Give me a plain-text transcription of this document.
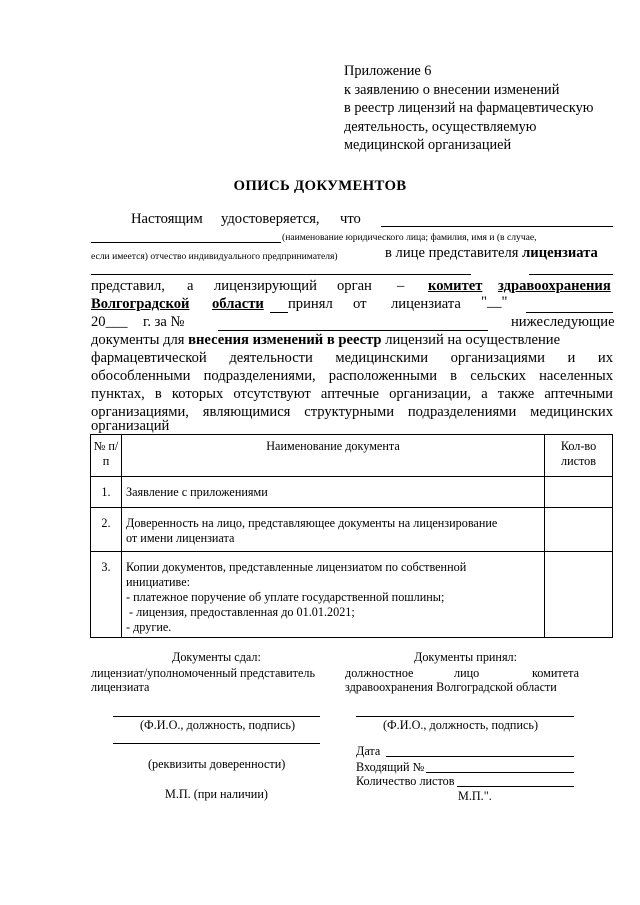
Приложение 6
к заявлению о внесении изменений
в реестр лицензий на фармацевтическую
деятельность, осуществляемую
медицинской организацией
ОПИСЬ ДОКУМЕНТОВ
Настоящим удостоверяется, что
(наименование юридического лица; фамилия, имя и (в случае,
если имеется) отчество индивидуального предпринимателя)	в лице представителя лицензиата
представил, а лицензирующий орган – комитет здравоохранения
Волгоградской области принял от лицензиата "__"
20___ г. за №	нижеследующие
документы для внесения изменений в реестр лицензий на осуществление
фармацевтической деятельности медицинскими организациями и их
обособленными подразделениями, расположенными в сельских населенных
пунктах, в которых отсутствуют аптечные организации, а также аптечными
организациями, являющимися структурными подразделениями медицинских
организаций
№ п/п	Наименование документа	Кол-во листов
1.	Заявление с приложениями	

2.	Доверенность на лицо, представляющее документы на лицензирование
от имени лицензиата	

3.	Копии документов, представленные лицензиатом по собственной
инициативе:
- платежное поручение об уплате государственной пошлины;
- лицензия, предоставленная до 01.01.2021;
- другие.	

Документы сдал:
лицензиат/уполномоченный представитель
лицензиата
(Ф.И.О., должность, подпись)
(реквизиты доверенности)
М.П. (при наличии)
Документы принял:
должностное	лицо	комитета
здравоохранения Волгоградской области
(Ф.И.О., должность, подпись)
Дата
Входящий №
Количество листов
М.П.".
